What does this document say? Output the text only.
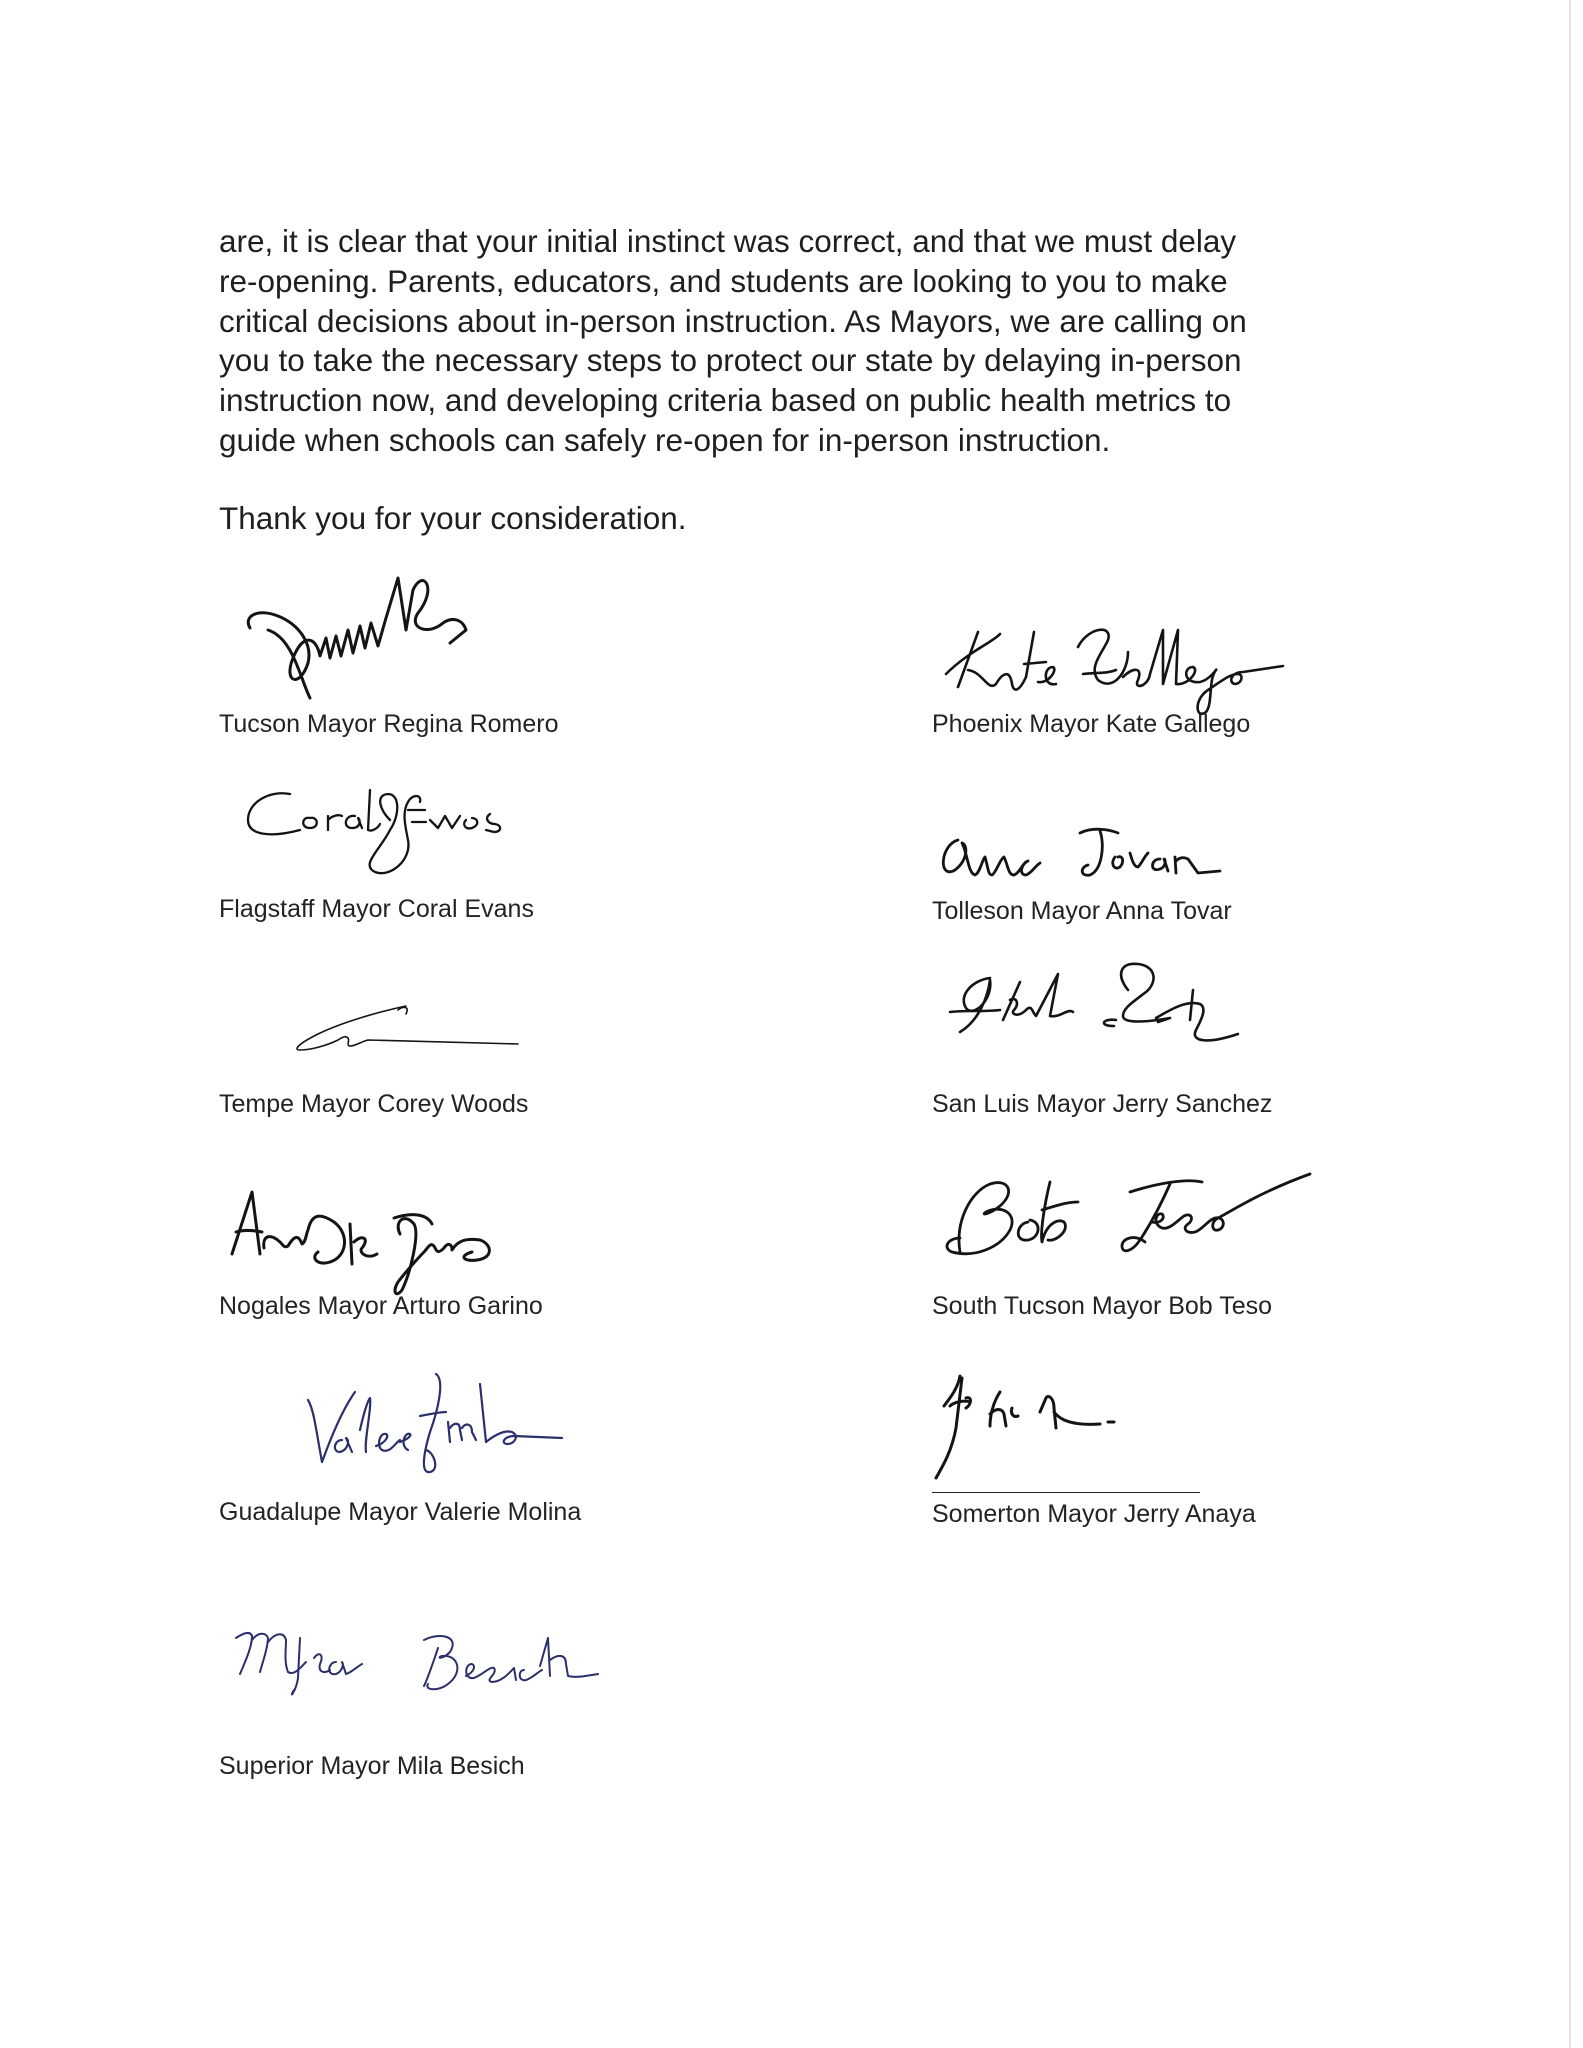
are, it is clear that your initial instinct was correct, and that we must delay
re-opening. Parents, educators, and students are looking to you to make
critical decisions about in-person instruction. As Mayors, we are calling on
you to take the necessary steps to protect our state by delaying in-person
instruction now, and developing criteria based on public health metrics to
guide when schools can safely re-open for in-person instruction.
Thank you for your consideration.
Tucson Mayor Regina Romero	Phoenix Mayor Kate Gallego
Flagstaff Mayor Coral Evans	Tolleson Mayor Anna Tovar
Tempe Mayor Corey Woods	San Luis Mayor Jerry Sanchez
Nogales Mayor Arturo Garino	South Tucson Mayor Bob Teso
Guadalupe Mayor Valerie Molina	Somerton Mayor Jerry Anaya
Superior Mayor Mila Besich
